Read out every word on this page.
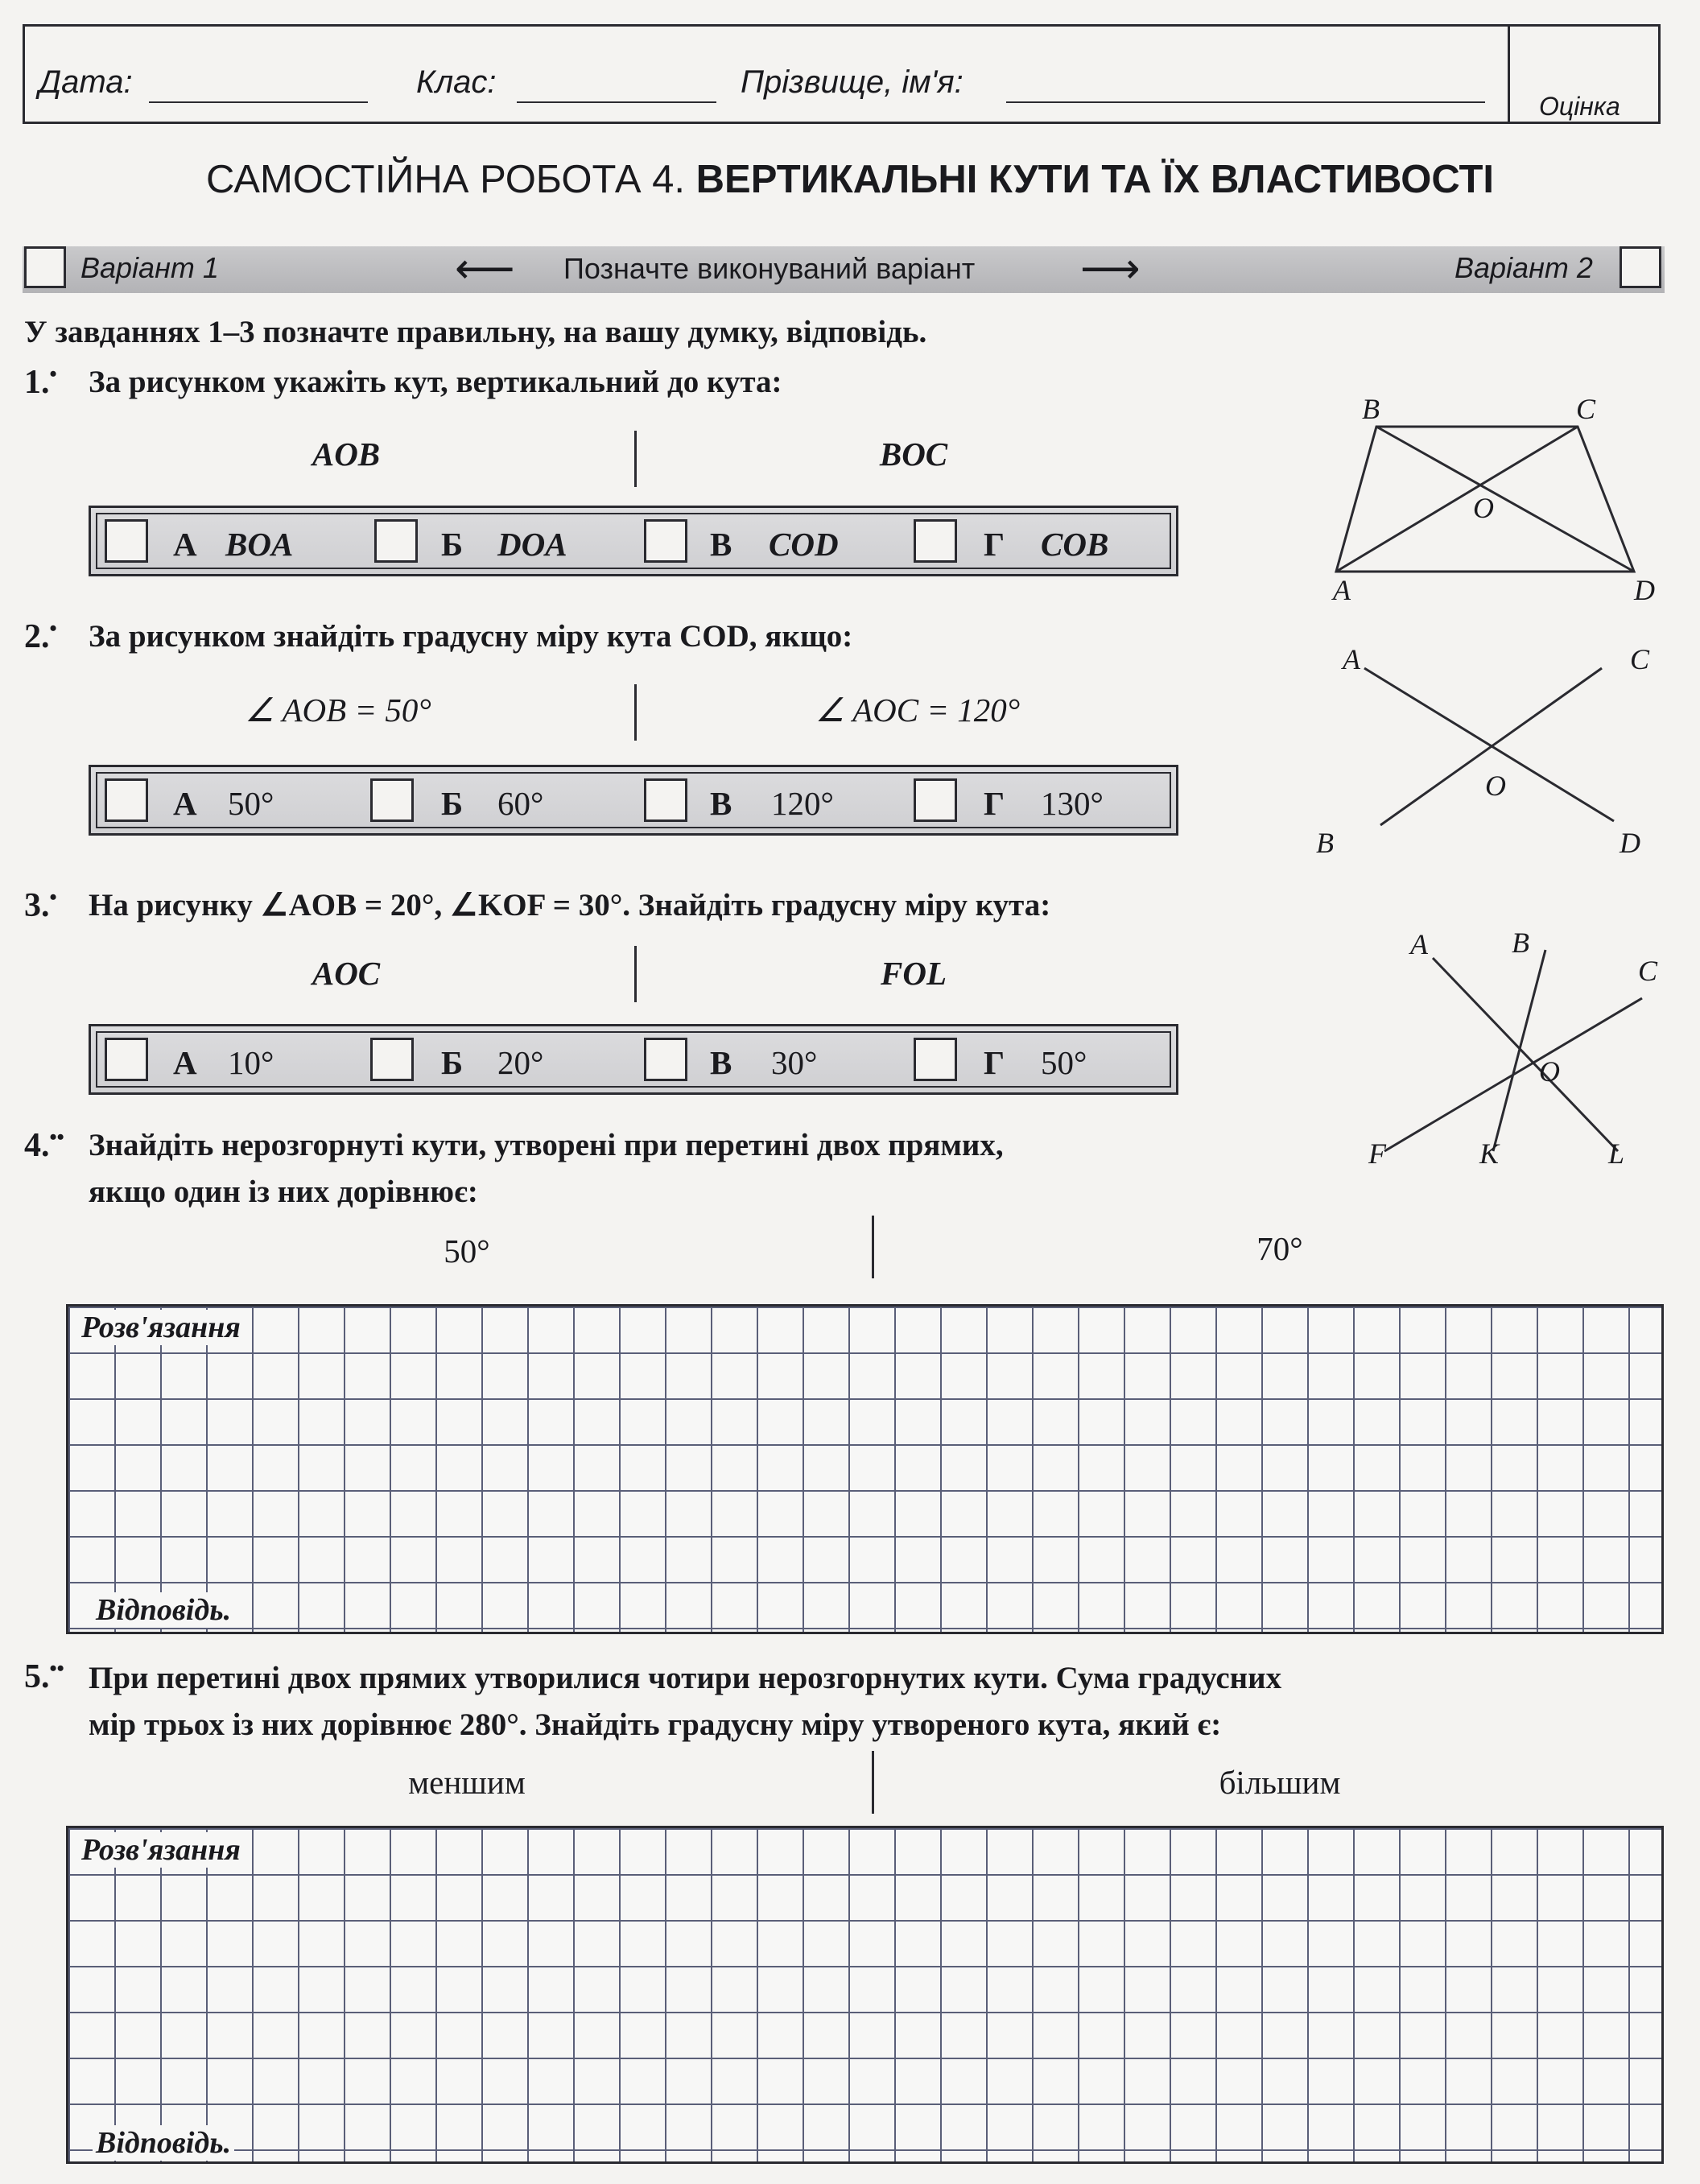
Дата:	Клас:	Прізвище, ім'я:
Оцінка
САМОСТІЙНА РОБОТА 4. ВЕРТИКАЛЬНІ КУТИ ТА ЇХ ВЛАСТИВОСТІ
Варіант 1	⟵ Позначте виконуваний варіант	⟶	Варіант 2
У завданнях 1–3 позначте правильну, на вашу думку, відповідь.
1.• За рисунком укажіть кут, вертикальний до кута:
AOB	BOC
А BOA	Б DOA	В COD	Г COB
B	C
O
A	D
2.• За рисунком знайдіть градусну міру кута COD, якщо:
∠ AOB = 50°	∠ AOC = 120°
А 50°	Б 60°	В 120°	Г 130°
A	C
O
B	D
3.• На рисунку ∠AOB = 20°, ∠KOF = 30°. Знайдіть градусну міру кута:
AOC	FOL
А 10°	Б 20°	В 30°	Г 50°
A	B
C
O
F	K	L
4.•• Знайдіть нерозгорнуті кути, утворені при перетині двох прямих,
якщо один із них дорівнює:
50°	70°
Розв'язання
Відповідь.
5.•• При перетині двох прямих утворилися чотири нерозгорнутих кути. Сума градусних
мір трьох із них дорівнює 280°. Знайдіть градусну міру утвореного кута, який є:
меншим	більшим
Розв'язання
Відповідь.
